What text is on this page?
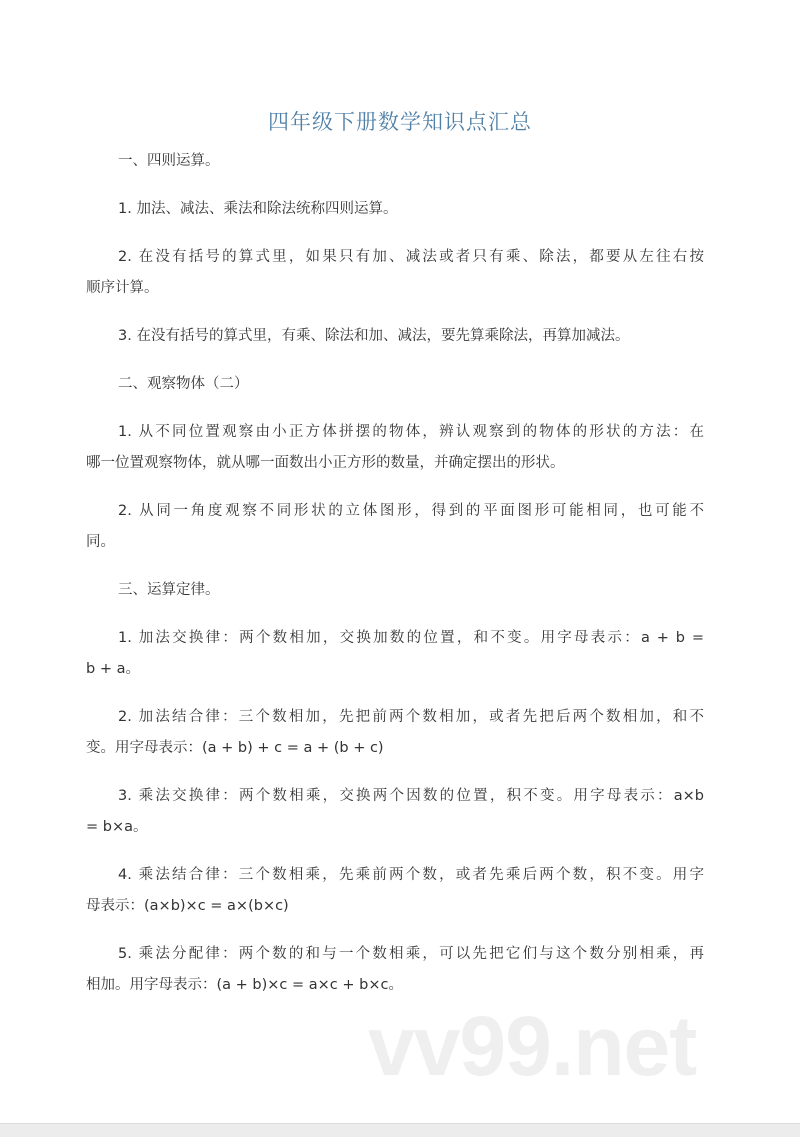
四年级下册数学知识点汇总
一、四则运算。
1. 加法、减法、乘法和除法统称四则运算。
2. 在没有括号的算式里，如果只有加、减法或者只有乘、除法，都要从左往右按
顺序计算。
3. 在没有括号的算式里，有乘、除法和加、减法，要先算乘除法，再算加减法。
二、观察物体（二）
1. 从不同位置观察由小正方体拼摆的物体，辨认观察到的物体的形状的方法：在
哪一位置观察物体，就从哪一面数出小正方形的数量，并确定摆出的形状。
2. 从同一角度观察不同形状的立体图形，得到的平面图形可能相同，也可能不
同。
三、运算定律。
1. 加法交换律：两个数相加，交换加数的位置，和不变。用字母表示：a + b =
b + a。
2. 加法结合律：三个数相加，先把前两个数相加，或者先把后两个数相加，和不
变。用字母表示：(a + b) + c = a + (b + c)
3. 乘法交换律：两个数相乘，交换两个因数的位置，积不变。用字母表示：a×b
= b×a。
4. 乘法结合律：三个数相乘，先乘前两个数，或者先乘后两个数，积不变。用字
母表示：(a×b)×c = a×(b×c)
5. 乘法分配律：两个数的和与一个数相乘，可以先把它们与这个数分别相乘，再
相加。用字母表示：(a + b)×c = a×c + b×c。
vv99.net
